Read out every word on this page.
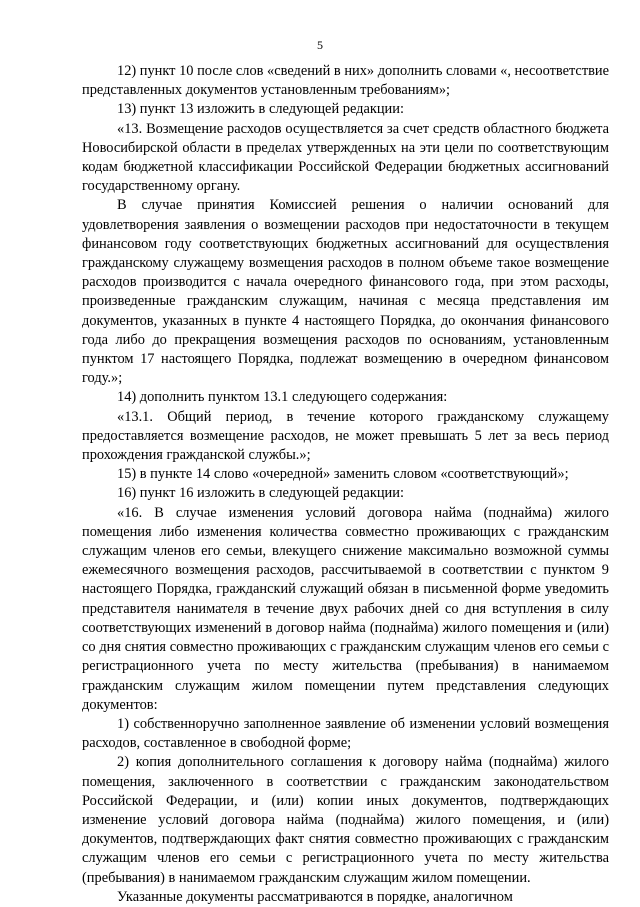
5

12) пункт 10 после слов «сведений в них» дополнить словами «, несоответствие представленных документов установленным требованиям»;

13) пункт 13 изложить в следующей редакции:

«13. Возмещение расходов осуществляется за счет средств областного бюджета Новосибирской области в пределах утвержденных на эти цели по соответствующим кодам бюджетной классификации Российской Федерации бюджетных ассигнований государственному органу.

В случае принятия Комиссией решения о наличии оснований для удовлетворения заявления о возмещении расходов при недостаточности в текущем финансовом году соответствующих бюджетных ассигнований для осуществления гражданскому служащему возмещения расходов в полном объеме такое возмещение расходов производится с начала очередного финансового года, при этом расходы, произведенные гражданским служащим, начиная с месяца представления им документов, указанных в пункте 4 настоящего Порядка, до окончания финансового года либо до прекращения возмещения расходов по основаниям, установленным пунктом 17 настоящего Порядка, подлежат возмещению в очередном финансовом году.»;

14) дополнить пунктом 13.1 следующего содержания:

«13.1. Общий период, в течение которого гражданскому служащему предоставляется возмещение расходов, не может превышать 5 лет за весь период прохождения гражданской службы.»;

15) в пункте 14 слово «очередной» заменить словом «соответствующий»;

16) пункт 16 изложить в следующей редакции:

«16. В случае изменения условий договора найма (поднайма) жилого помещения либо изменения количества совместно проживающих с гражданским служащим членов его семьи, влекущего снижение максимально возможной суммы ежемесячного возмещения расходов, рассчитываемой в соответствии с пунктом 9 настоящего Порядка, гражданский служащий обязан в письменной форме уведомить представителя нанимателя в течение двух рабочих дней со дня вступления в силу соответствующих изменений в договор найма (поднайма) жилого помещения и (или) со дня снятия совместно проживающих с гражданским служащим членов его семьи с регистрационного учета по месту жительства (пребывания) в нанимаемом гражданским служащим жилом помещении путем представления следующих документов:

1) собственноручно заполненное заявление об изменении условий возмещения расходов, составленное в свободной форме;

2) копия дополнительного соглашения к договору найма (поднайма) жилого помещения, заключенного в соответствии с гражданским законодательством Российской Федерации, и (или) копии иных документов, подтверждающих изменение условий договора найма (поднайма) жилого помещения, и (или) документов, подтверждающих факт снятия совместно проживающих с гражданским служащим членов его семьи с регистрационного учета по месту жительства (пребывания) в нанимаемом гражданским служащим жилом помещении.

Указанные документы рассматриваются в порядке, аналогичном
